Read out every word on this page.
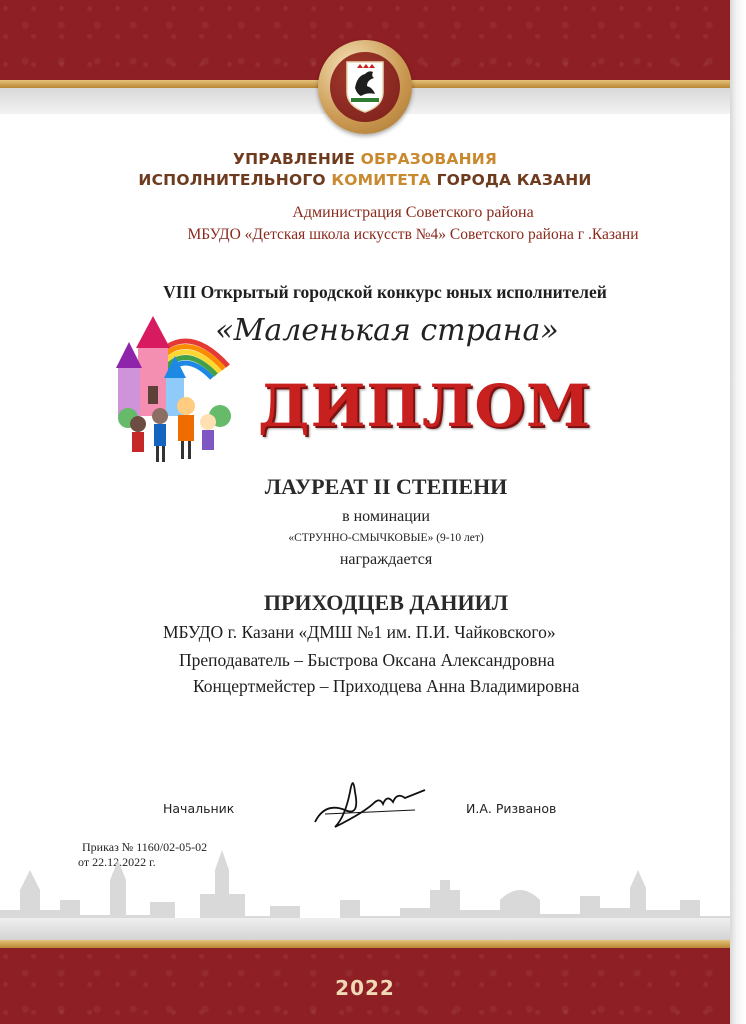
УПРАВЛЕНИЕ ОБРАЗОВАНИЯ
ИСПОЛНИТЕЛЬНОГО КОМИТЕТА ГОРОДА КАЗАНИ
Администрация Советского района
МБУДО «Детская школа искусств №4» Советского района г .Казани
VIII Открытый городской конкурс юных исполнителей
«Маленькая страна»
ДИПЛОМ
ЛАУРЕАТ II СТЕПЕНИ
в номинации
«СТРУННО-СМЫЧКОВЫЕ» (9-10 лет)
награждается
ПРИХОДЦЕВ ДАНИИЛ
МБУДО г. Казани «ДМШ №1 им. П.И. Чайковского»
Преподаватель – Быстрова Оксана Александровна
Концертмейстер – Приходцева Анна Владимировна
Начальник	И.А. Ризванов
Приказ № 1160/02-05-02
от 22.12.2022 г.
2022
